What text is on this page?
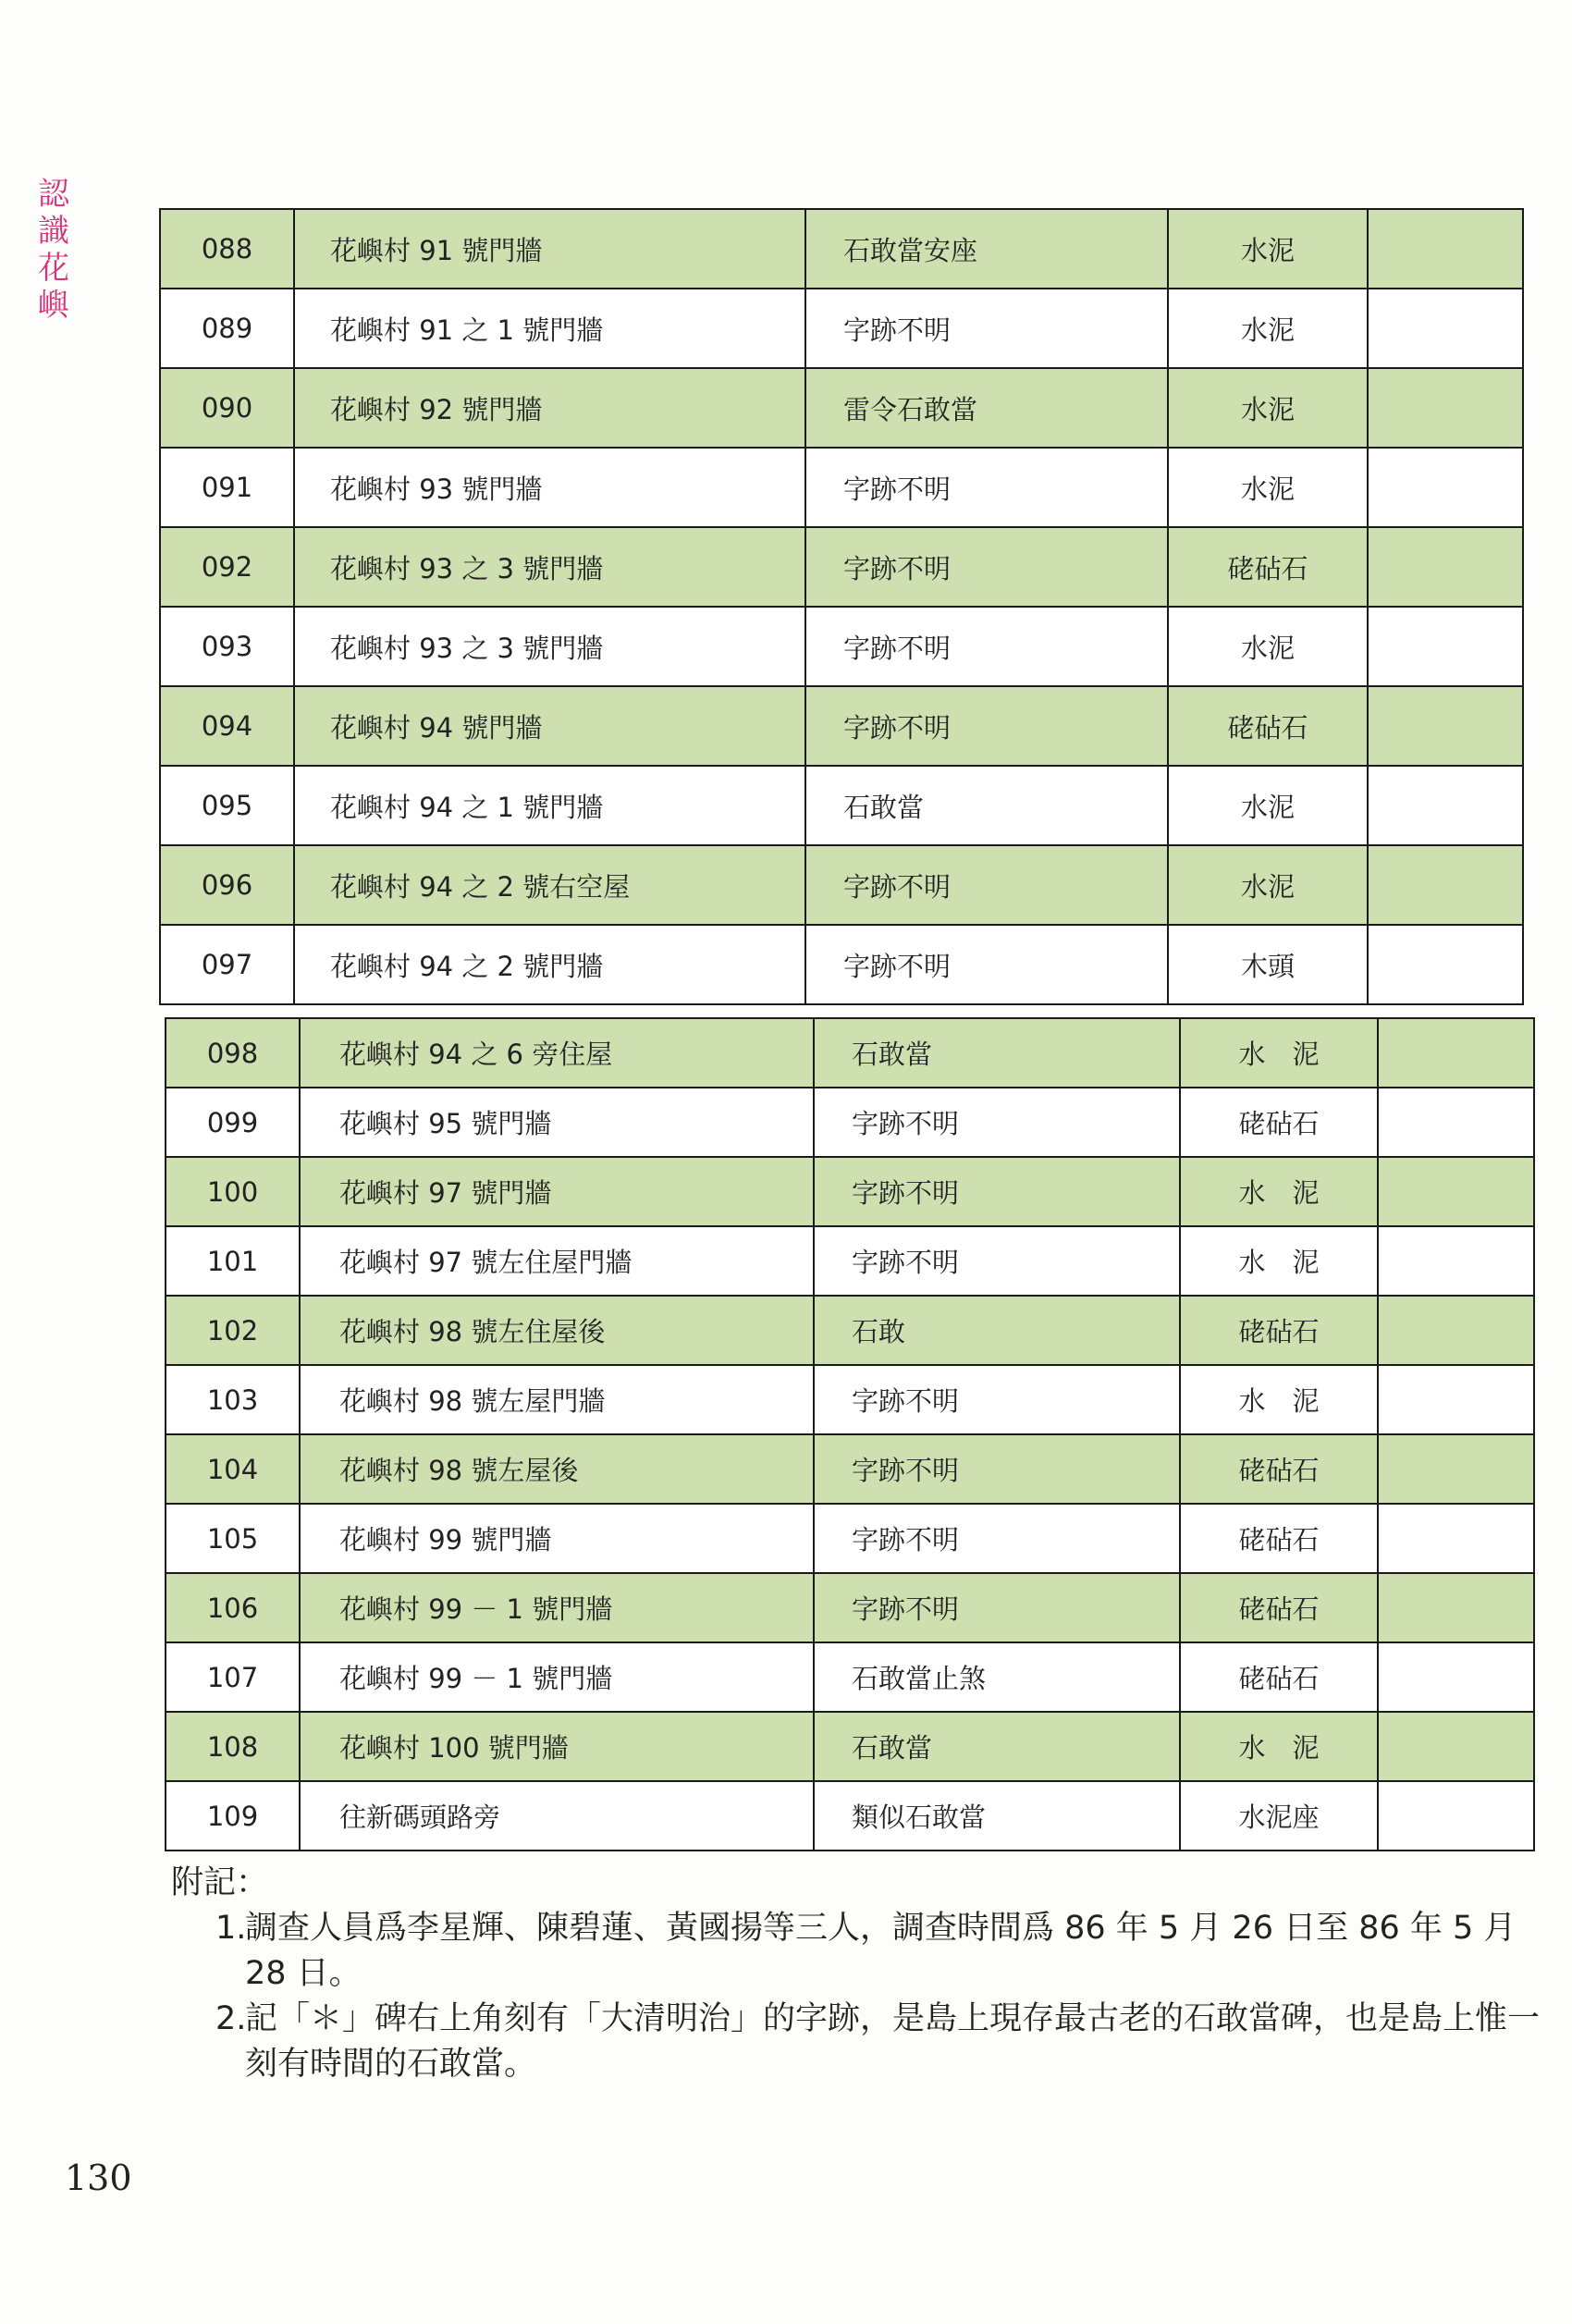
認
識
花
嶼
088	花嶼村 91 號門牆	石敢當安座	水泥	
089	花嶼村 91 之 1 號門牆	字跡不明	水泥	
090	花嶼村 92 號門牆	雷令石敢當	水泥	
091	花嶼村 93 號門牆	字跡不明	水泥	
092	花嶼村 93 之 3 號門牆	字跡不明	硓砧石	
093	花嶼村 93 之 3 號門牆	字跡不明	水泥	
094	花嶼村 94 號門牆	字跡不明	硓砧石	
095	花嶼村 94 之 1 號門牆	石敢當	水泥	
096	花嶼村 94 之 2 號右空屋	字跡不明	水泥	
097	花嶼村 94 之 2 號門牆	字跡不明	木頭	
098	花嶼村 94 之 6 旁住屋	石敢當	水　泥	
099	花嶼村 95 號門牆	字跡不明	硓砧石	
100	花嶼村 97 號門牆	字跡不明	水　泥	
101	花嶼村 97 號左住屋門牆	字跡不明	水　泥	
102	花嶼村 98 號左住屋後	石敢	硓砧石	
103	花嶼村 98 號左屋門牆	字跡不明	水　泥	
104	花嶼村 98 號左屋後	字跡不明	硓砧石	
105	花嶼村 99 號門牆	字跡不明	硓砧石	
106	花嶼村 99 － 1 號門牆	字跡不明	硓砧石	
107	花嶼村 99 － 1 號門牆	石敢當止煞	硓砧石	
108	花嶼村 100 號門牆	石敢當	水　泥	
109	往新碼頭路旁	類似石敢當	水泥座	
附記：
1.
調查人員爲李星輝、陳碧蓮、黃國揚等三人，調查時間爲 86 年 5 月 26 日至 86 年 5 月 28 日。
2.
記「＊」碑右上角刻有「大清明治」的字跡，是島上現存最古老的石敢當碑，也是島上惟一刻有時間的石敢當。
130
